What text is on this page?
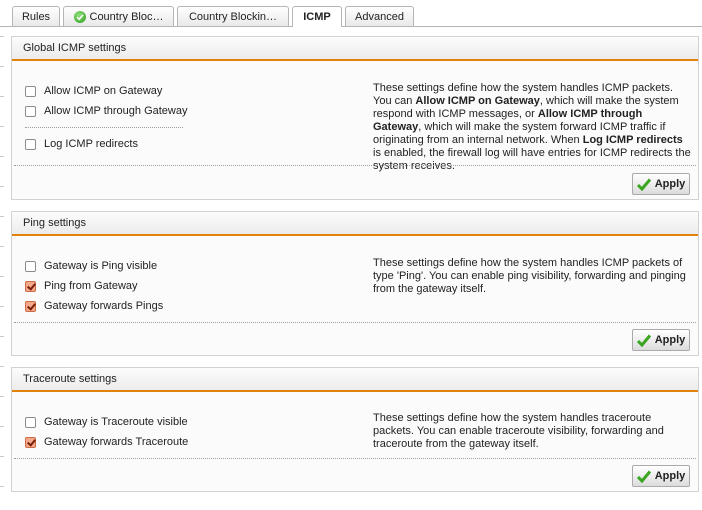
Rules	Country Bloc… Country Blockin… ICMP Advanced
Global ICMP settings
Allow ICMP on Gateway
Allow ICMP through Gateway
Log ICMP redirects
These settings define how the system handles ICMP packets. You can Allow ICMP on Gateway, which will make the system respond with ICMP messages, or Allow ICMP through Gateway, which will make the system forward ICMP traffic if originating from an internal network. When Log ICMP redirects is enabled, the firewall log will have entries for ICMP redirects the system receives.
Apply
Ping settings
Gateway is Ping visible
Ping from Gateway
Gateway forwards Pings
These settings define how the system handles ICMP packets of type 'Ping'. You can enable ping visibility, forwarding and pinging from the gateway itself.
Apply
Traceroute settings
Gateway is Traceroute visible
Gateway forwards Traceroute
These settings define how the system handles traceroute packets. You can enable traceroute visibility, forwarding and traceroute from the gateway itself.
Apply
